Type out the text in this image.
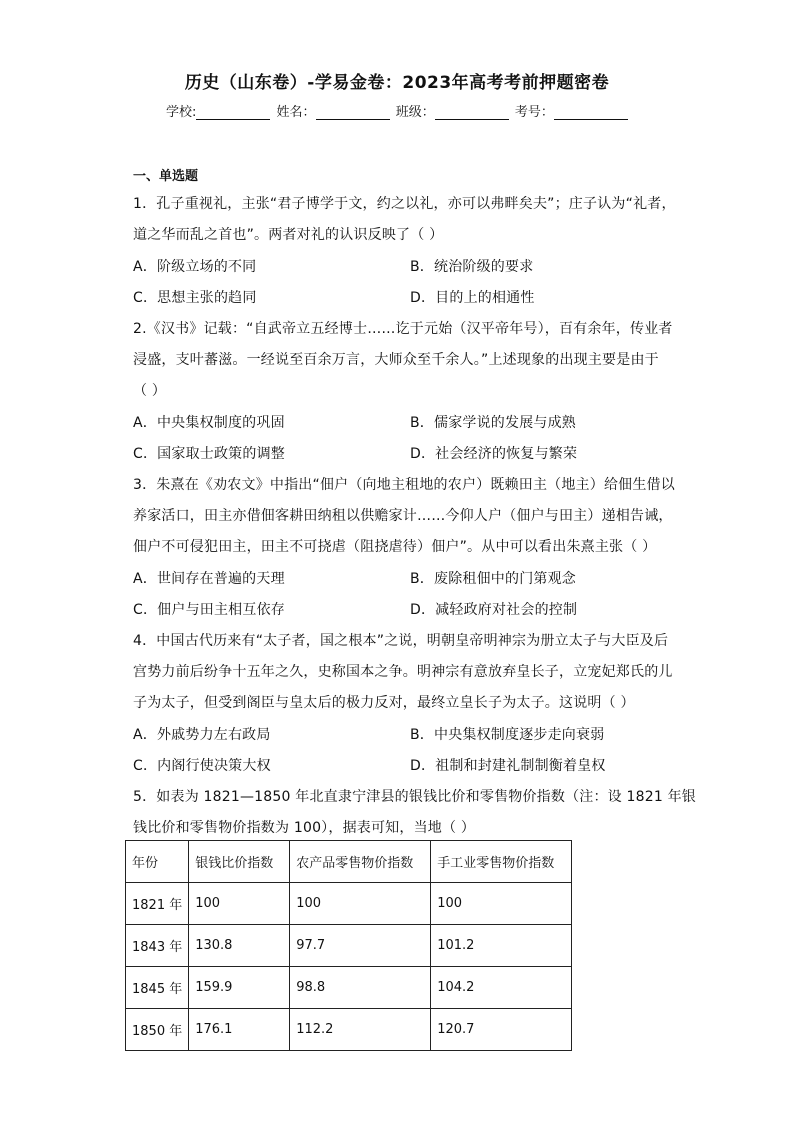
历史（山东卷）-学易金卷：2023年高考考前押题密卷
学校:	姓名：	班级：	考号：
一、单选题
1．孔子重视礼，主张“君子博学于文，约之以礼，亦可以弗畔矣夫”；庄子认为“礼者，
道之华而乱之首也”。两者对礼的认识反映了（ ）
A．阶级立场的不同	B．统治阶级的要求
C．思想主张的趋同	D．目的上的相通性
2.《汉书》记载：“自武帝立五经博士……讫于元始（汉平帝年号），百有余年，传业者
浸盛，支叶蕃滋。一经说至百余万言，大师众至千余人。”上述现象的出现主要是由于
（ ）
A．中央集权制度的巩固	B．儒家学说的发展与成熟
C．国家取士政策的调整	D．社会经济的恢复与繁荣
3．朱熹在《劝农文》中指出“佃户（向地主租地的农户）既赖田主（地主）给佃生借以
养家活口，田主亦借佃客耕田纳租以供赡家计……今仰人户（佃户与田主）递相告诫，
佃户不可侵犯田主，田主不可挠虐（阻挠虐待）佃户”。从中可以看出朱熹主张（ ）
A．世间存在普遍的天理	B．废除租佃中的门第观念
C．佃户与田主相互依存	D．减轻政府对社会的控制
4．中国古代历来有“太子者，国之根本”之说，明朝皇帝明神宗为册立太子与大臣及后
宫势力前后纷争十五年之久，史称国本之争。明神宗有意放弃皇长子，立宠妃郑氏的儿
子为太子，但受到阁臣与皇太后的极力反对，最终立皇长子为太子。这说明（ ）
A．外戚势力左右政局	B．中央集权制度逐步走向衰弱
C．内阁行使决策大权	D．祖制和封建礼制制衡着皇权
5．如表为 1821—1850 年北直隶宁津县的银钱比价和零售物价指数（注：设 1821 年银
钱比价和零售物价指数为 100），据表可知，当地（ ）
年份	银钱比价指数	农产品零售物价指数	手工业零售物价指数
1821 年	100	100	100
1843 年	130.8	97.7	101.2
1845 年	159.9	98.8	104.2
1850 年	176.1	112.2	120.7
